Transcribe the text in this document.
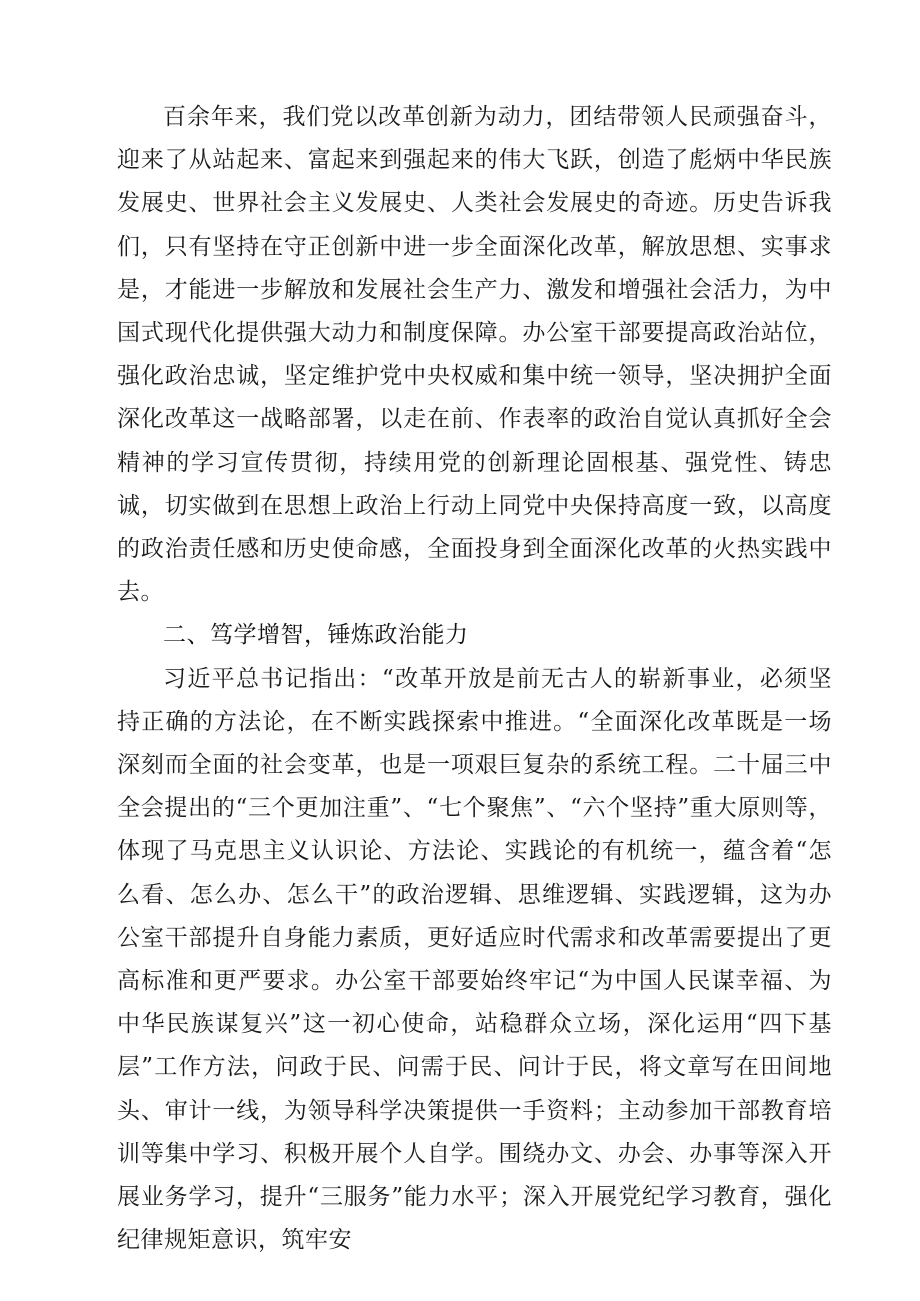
百余年来，我们党以改革创新为动力，团结带领人民顽强奋斗，迎来了从站起来、富起来到强起来的伟大飞跃，创造了彪炳中华民族发展史、世界社会主义发展史、人类社会发展史的奇迹。历史告诉我们，只有坚持在守正创新中进一步全面深化改革，解放思想、实事求是，才能进一步解放和发展社会生产力、激发和增强社会活力，为中国式现代化提供强大动力和制度保障。办公室干部要提高政治站位，强化政治忠诚，坚定维护党中央权威和集中统一领导，坚决拥护全面深化改革这一战略部署，以走在前、作表率的政治自觉认真抓好全会精神的学习宣传贯彻，持续用党的创新理论固根基、强党性、铸忠诚，切实做到在思想上政治上行动上同党中央保持高度一致，以高度的政治责任感和历史使命感，全面投身到全面深化改革的火热实践中去。

二、笃学增智，锤炼政治能力

习近平总书记指出：“改革开放是前无古人的崭新事业，必须坚持正确的方法论，在不断实践探索中推进。“全面深化改革既是一场深刻而全面的社会变革，也是一项艰巨复杂的系统工程。二十届三中全会提出的“三个更加注重”、“七个聚焦”、“六个坚持”重大原则等，体现了马克思主义认识论、方法论、实践论的有机统一，蕴含着“怎么看、怎么办、怎么干”的政治逻辑、思维逻辑、实践逻辑，这为办公室干部提升自身能力素质，更好适应时代需求和改革需要提出了更高标准和更严要求。办公室干部要始终牢记“为中国人民谋幸福、为中华民族谋复兴”这一初心使命，站稳群众立场，深化运用“四下基层”工作方法，问政于民、问需于民、问计于民，将文章写在田间地头、审计一线，为领导科学决策提供一手资料；主动参加干部教育培训等集中学习、积极开展个人自学。围绕办文、办会、办事等深入开展业务学习，提升“三服务”能力水平；深入开展党纪学习教育，强化纪律规矩意识，筑牢安
